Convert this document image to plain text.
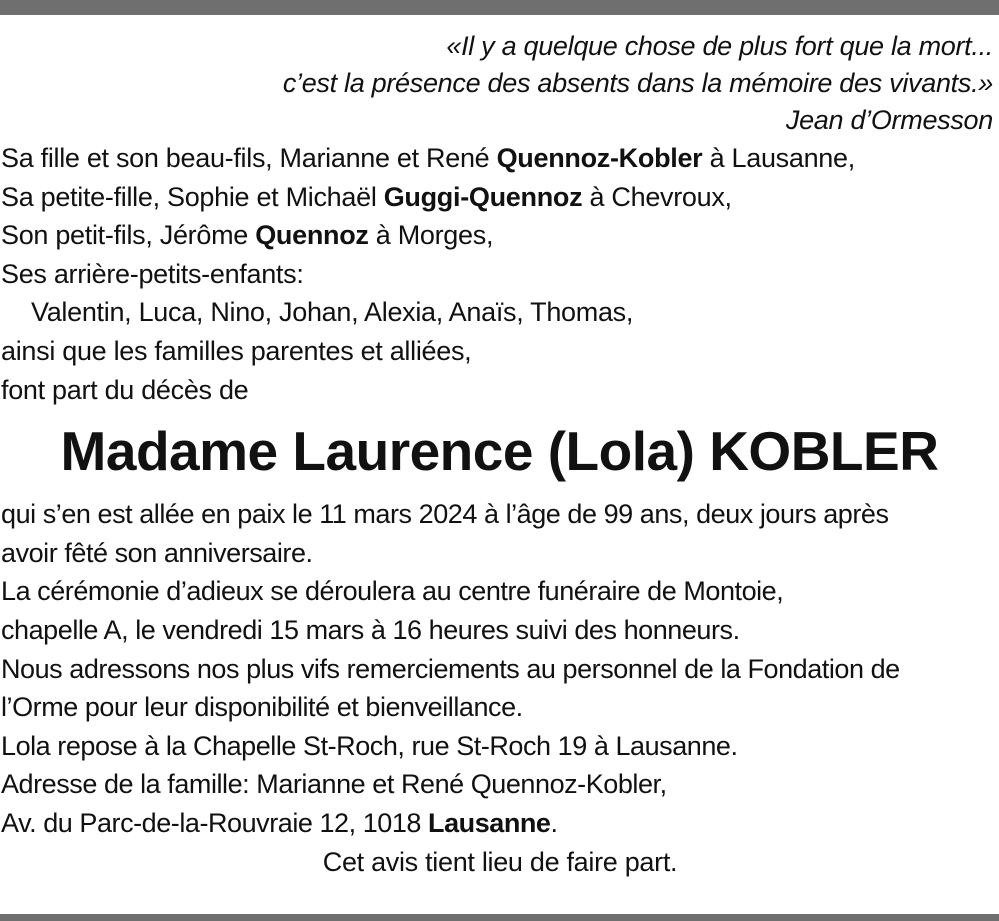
«Il y a quelque chose de plus fort que la mort...
c’est la présence des absents dans la mémoire des vivants.»
Jean d’Ormesson
Sa fille et son beau-fils, Marianne et René Quennoz-Kobler à Lausanne,
Sa petite-fille, Sophie et Michaël Guggi-Quennoz à Chevroux,
Son petit-fils, Jérôme Quennoz à Morges,
Ses arrière-petits-enfants:
Valentin, Luca, Nino, Johan, Alexia, Anaïs, Thomas,
ainsi que les familles parentes et alliées,
font part du décès de
Madame Laurence (Lola) KOBLER
qui s’en est allée en paix le 11 mars 2024 à l’âge de 99 ans, deux jours après
avoir fêté son anniversaire.
La cérémonie d’adieux se déroulera au centre funéraire de Montoie,
chapelle A, le vendredi 15 mars à 16 heures suivi des honneurs.
Nous adressons nos plus vifs remerciements au personnel de la Fondation de
l’Orme pour leur disponibilité et bienveillance.
Lola repose à la Chapelle St-Roch, rue St-Roch 19 à Lausanne.
Adresse de la famille: Marianne et René Quennoz-Kobler,
Av. du Parc-de-la-Rouvraie 12, 1018 Lausanne.
Cet avis tient lieu de faire part.
